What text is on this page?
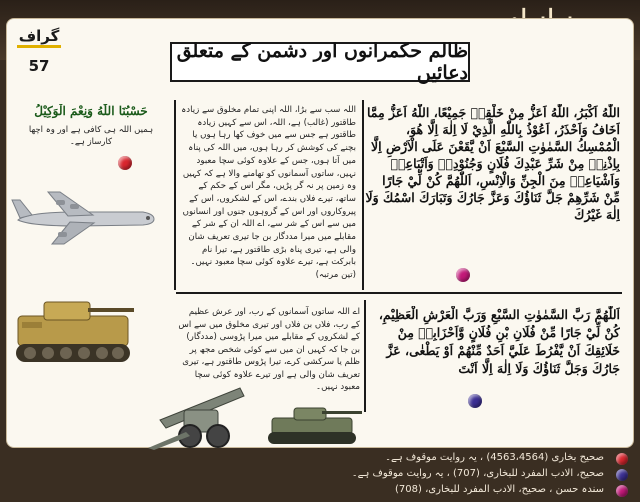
گراف 57
ظالم حکمرانوں اور دشمن کے متعلق دعائیں
اللّٰهُ اَكْبَرُ، اللّٰهُ اَعَزُّ مِنْ خَلْقِهٖ جَمِيْعًا، اللّٰهُ اَعَزُّ مِمَّا اَخَافُ وَاَحْذَرُ، اَعُوْذُ بِاللّٰهِ الَّذِيْ لَا اِلٰهَ اِلَّا هُوَ، الْمُمْسِكُ السَّمٰوٰتِ السَّبْعَ اَنْ يَّقَعْنَ عَلَى الْاَرْضِ اِلَّا بِاِذْنِهٖ مِنْ شَرِّ عَبْدِكَ فُلَانٍ وَجُنُوْدِهٖ وَاَتْبَاعِهٖ وَاَشْيَاعِهٖ مِنَ الْجِنِّ وَالْاِنْسِ، اَللّٰهُمَّ كُنْ لِّيْ جَارًا مِّنْ شَرِّهِمْ جَلَّ ثَنَاؤُكَ وَعَزَّ جَارُكَ وَتَبَارَكَ اسْمُكَ وَلَا اِلٰهَ غَيْرُكَ
اللہ سب سے بڑا، اللہ اپنی تمام مخلوق سے زیادہ طاقتور (غالب) ہے، اللہ، اس سے کہیں زیادہ طاقتور ہے جس سے میں خوف کھا رہا ہوں یا بچنے کی کوشش کر رہا ہوں، میں اللہ کی پناہ میں آتا ہوں، جس کے علاوہ کوئی سچا معبود نہیں، ساتوں آسمانوں کو تھامنے والا ہے کہ کہیں وہ زمین پر نہ گر پڑیں، مگر اس کے حکم کے ساتھ، تیرے فلاں بندے، اس کے لشکروں، اس کے پیروکاروں اور اس کے گروہوں جنوں اور انسانوں میں سے اس کے شر سے، اے اللہ ان کے شر کے مقابلے میں میرا مددگار بن جا تیری تعریف شان والی ہے، تیری پناہ بڑی طاقتور ہے، تیرا نام بابرکت ہے، تیرے علاوہ کوئی سچا معبود نہیں۔ (تین مرتبہ)
اَللّٰهُمَّ رَبَّ السَّمٰوٰتِ السَّبْعِ وَرَبَّ الْعَرْشِ الْعَظِيْمِ، كُنْ لِّيْ جَارًا مِّنْ فُلَانِ بْنِ فُلَانٍ وَّاَحْزَابِهٖ مِنْ خَلَائِقِكَ اَنْ يَّفْرُطَ عَلَيَّ اَحَدٌ مِّنْهُمْ اَوْ يَطْغٰى، عَزَّ جَارُكَ وَجَلَّ ثَنَاؤُكَ وَلَا اِلٰهَ اِلَّا اَنْتَ
اے اللہ ساتوں آسمانوں کے رب، اور عرش عظیم کے رب، فلاں بن فلاں اور تیری مخلوق میں سے اس کے لشکروں کے مقابلے میں میرا پڑوسی (مددگار) بن جا کہ کہیں ان میں سے کوئی شخص مجھ پر ظلم یا سرکشی کرے، تیرا پڑوس طاقتور ہے، تیری تعریف شان والی ہے اور تیرے علاوہ کوئی سچا معبود نہیں۔
حَسْبُنَا اللّٰهُ وَنِعْمَ الْوَكِيْلُ
ہمیں اللہ ہی کافی ہے اور وہ اچھا کارساز ہے۔
صحیح بخاری (4563،4564) ، یہ روایت موقوف ہے۔
صحیح، الادب المفرد للبخاری، (707) ، یہ روایت موقوف ہے۔
سندہ حسن ، صحیح، الادب المفرد للبخاری، (708)
